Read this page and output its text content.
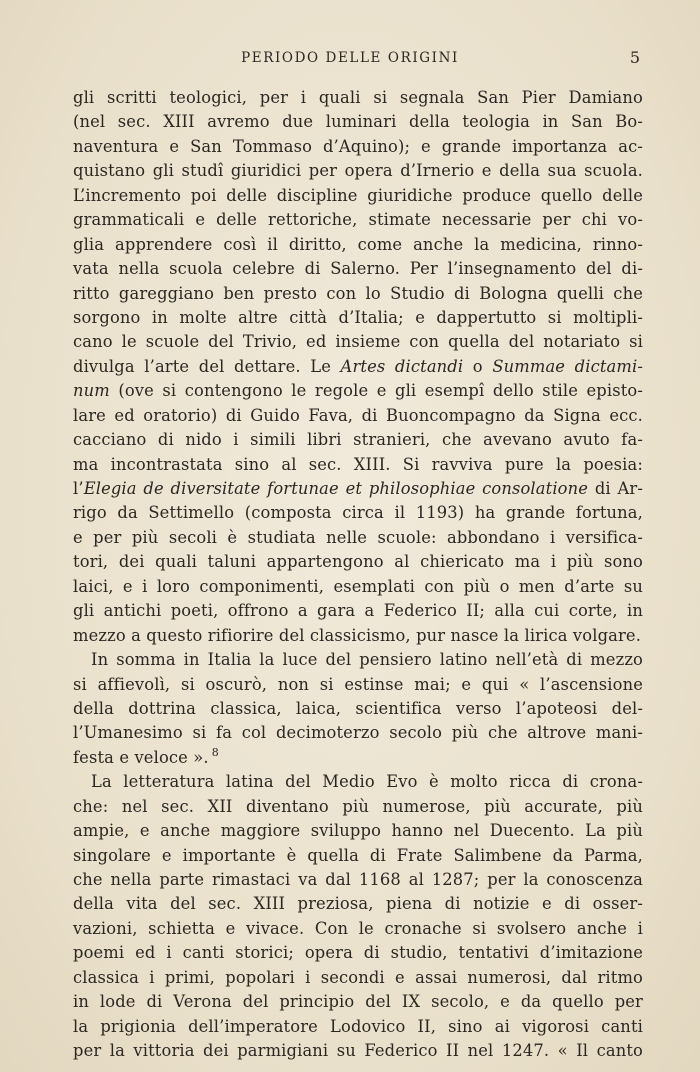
PERIODO DELLE ORIGINI	5
gli scritti teologici, per i quali si segnala San Pier Damiano
(nel sec. XIII avremo due luminari della teologia in San Bo-
naventura e San Tommaso d’Aquino); e grande importanza ac-
quistano gli studî giuridici per opera d’Irnerio e della sua scuola.
L’incremento poi delle discipline giuridiche produce quello delle
grammaticali e delle rettoriche, stimate necessarie per chi vo-
glia apprendere così il diritto, come anche la medicina, rinno-
vata nella scuola celebre di Salerno. Per l’insegnamento del di-
ritto gareggiano ben presto con lo Studio di Bologna quelli che
sorgono in molte altre città d’Italia; e dappertutto si moltipli-
cano le scuole del Trivio, ed insieme con quella del notariato si
divulga l’arte del dettare. Le Artes dictandi o Summae dictami-
num (ove si contengono le regole e gli esempî dello stile episto-
lare ed oratorio) di Guido Fava, di Buoncompagno da Signa ecc.
cacciano di nido i simili libri stranieri, che avevano avuto fa-
ma incontrastata sino al sec. XIII. Si ravviva pure la poesia:
l’Elegia de diversitate fortunae et philosophiae consolatione di Ar-
rigo da Settimello (composta circa il 1193) ha grande fortuna,
e per più secoli è studiata nelle scuole: abbondano i versifica-
tori, dei quali taluni appartengono al chiericato ma i più sono
laici, e i loro componimenti, esemplati con più o men d’arte su
gli antichi poeti, offrono a gara a Federico II; alla cui corte, in
mezzo a questo rifiorire del classicismo, pur nasce la lirica volgare.
In somma in Italia la luce del pensiero latino nell’età di mezzo
si affievolì, si oscurò, non si estinse mai; e qui « l’ascensione
della dottrina classica, laica, scientifica verso l’apoteosi del-
l’Umanesimo si fa col decimoterzo secolo più che altrove mani-
festa e veloce ». $^8$
La letteratura latina del Medio Evo è molto ricca di crona-
che: nel sec. XII diventano più numerose, più accurate, più
ampie, e anche maggiore sviluppo hanno nel Duecento. La più
singolare e importante è quella di Frate Salimbene da Parma,
che nella parte rimastaci va dal 1168 al 1287; per la conoscenza
della vita del sec. XIII preziosa, piena di notizie e di osser-
vazioni, schietta e vivace. Con le cronache si svolsero anche i
poemi ed i canti storici; opera di studio, tentativi d’imitazione
classica i primi, popolari i secondi e assai numerosi, dal ritmo
in lode di Verona del principio del IX secolo, e da quello per
la prigionia dell’imperatore Lodovico II, sino ai vigorosi canti
per la vittoria dei parmigiani su Federico II nel 1247. « Il canto
